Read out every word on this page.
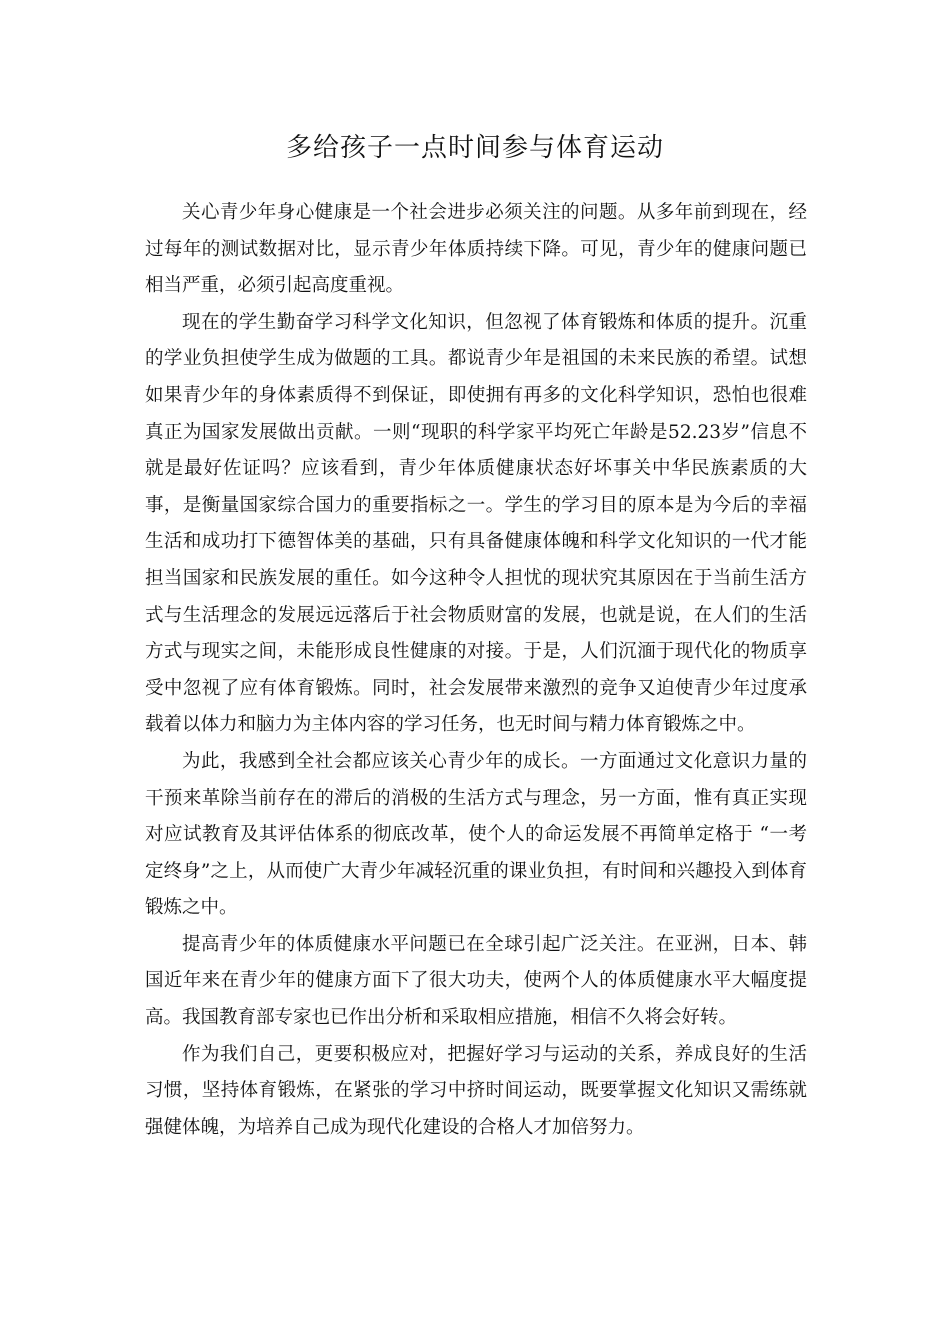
多给孩子一点时间参与体育运动

关心青少年身心健康是一个社会进步必须关注的问题。从多年前到现在，经过每年的测试数据对比，显示青少年体质持续下降。可见，青少年的健康问题已相当严重，必须引起高度重视。

现在的学生勤奋学习科学文化知识，但忽视了体育锻炼和体质的提升。沉重的学业负担使学生成为做题的工具。都说青少年是祖国的未来民族的希望。试想如果青少年的身体素质得不到保证，即使拥有再多的文化科学知识，恐怕也很难真正为国家发展做出贡献。一则“现职的科学家平均死亡年龄是52.23岁”信息不就是最好佐证吗？应该看到，青少年体质健康状态好坏事关中华民族素质的大事，是衡量国家综合国力的重要指标之一。学生的学习目的原本是为今后的幸福生活和成功打下德智体美的基础，只有具备健康体魄和科学文化知识的一代才能担当国家和民族发展的重任。如今这种令人担忧的现状究其原因在于当前生活方式与生活理念的发展远远落后于社会物质财富的发展，也就是说，在人们的生活方式与现实之间，未能形成良性健康的对接。于是，人们沉湎于现代化的物质享受中忽视了应有体育锻炼。同时，社会发展带来激烈的竞争又迫使青少年过度承载着以体力和脑力为主体内容的学习任务，也无时间与精力体育锻炼之中。

为此，我感到全社会都应该关心青少年的成长。一方面通过文化意识力量的干预来革除当前存在的滞后的消极的生活方式与理念，另一方面，惟有真正实现对应试教育及其评估体系的彻底改革，使个人的命运发展不再简单定格于 “一考定终身”之上，从而使广大青少年减轻沉重的课业负担，有时间和兴趣投入到体育锻炼之中。

提高青少年的体质健康水平问题已在全球引起广泛关注。在亚洲，日本、韩国近年来在青少年的健康方面下了很大功夫，使两个人的体质健康水平大幅度提高。我国教育部专家也已作出分析和采取相应措施，相信不久将会好转。

作为我们自己，更要积极应对，把握好学习与运动的关系，养成良好的生活习惯，坚持体育锻炼，在紧张的学习中挤时间运动，既要掌握文化知识又需练就强健体魄，为培养自己成为现代化建设的合格人才加倍努力。
